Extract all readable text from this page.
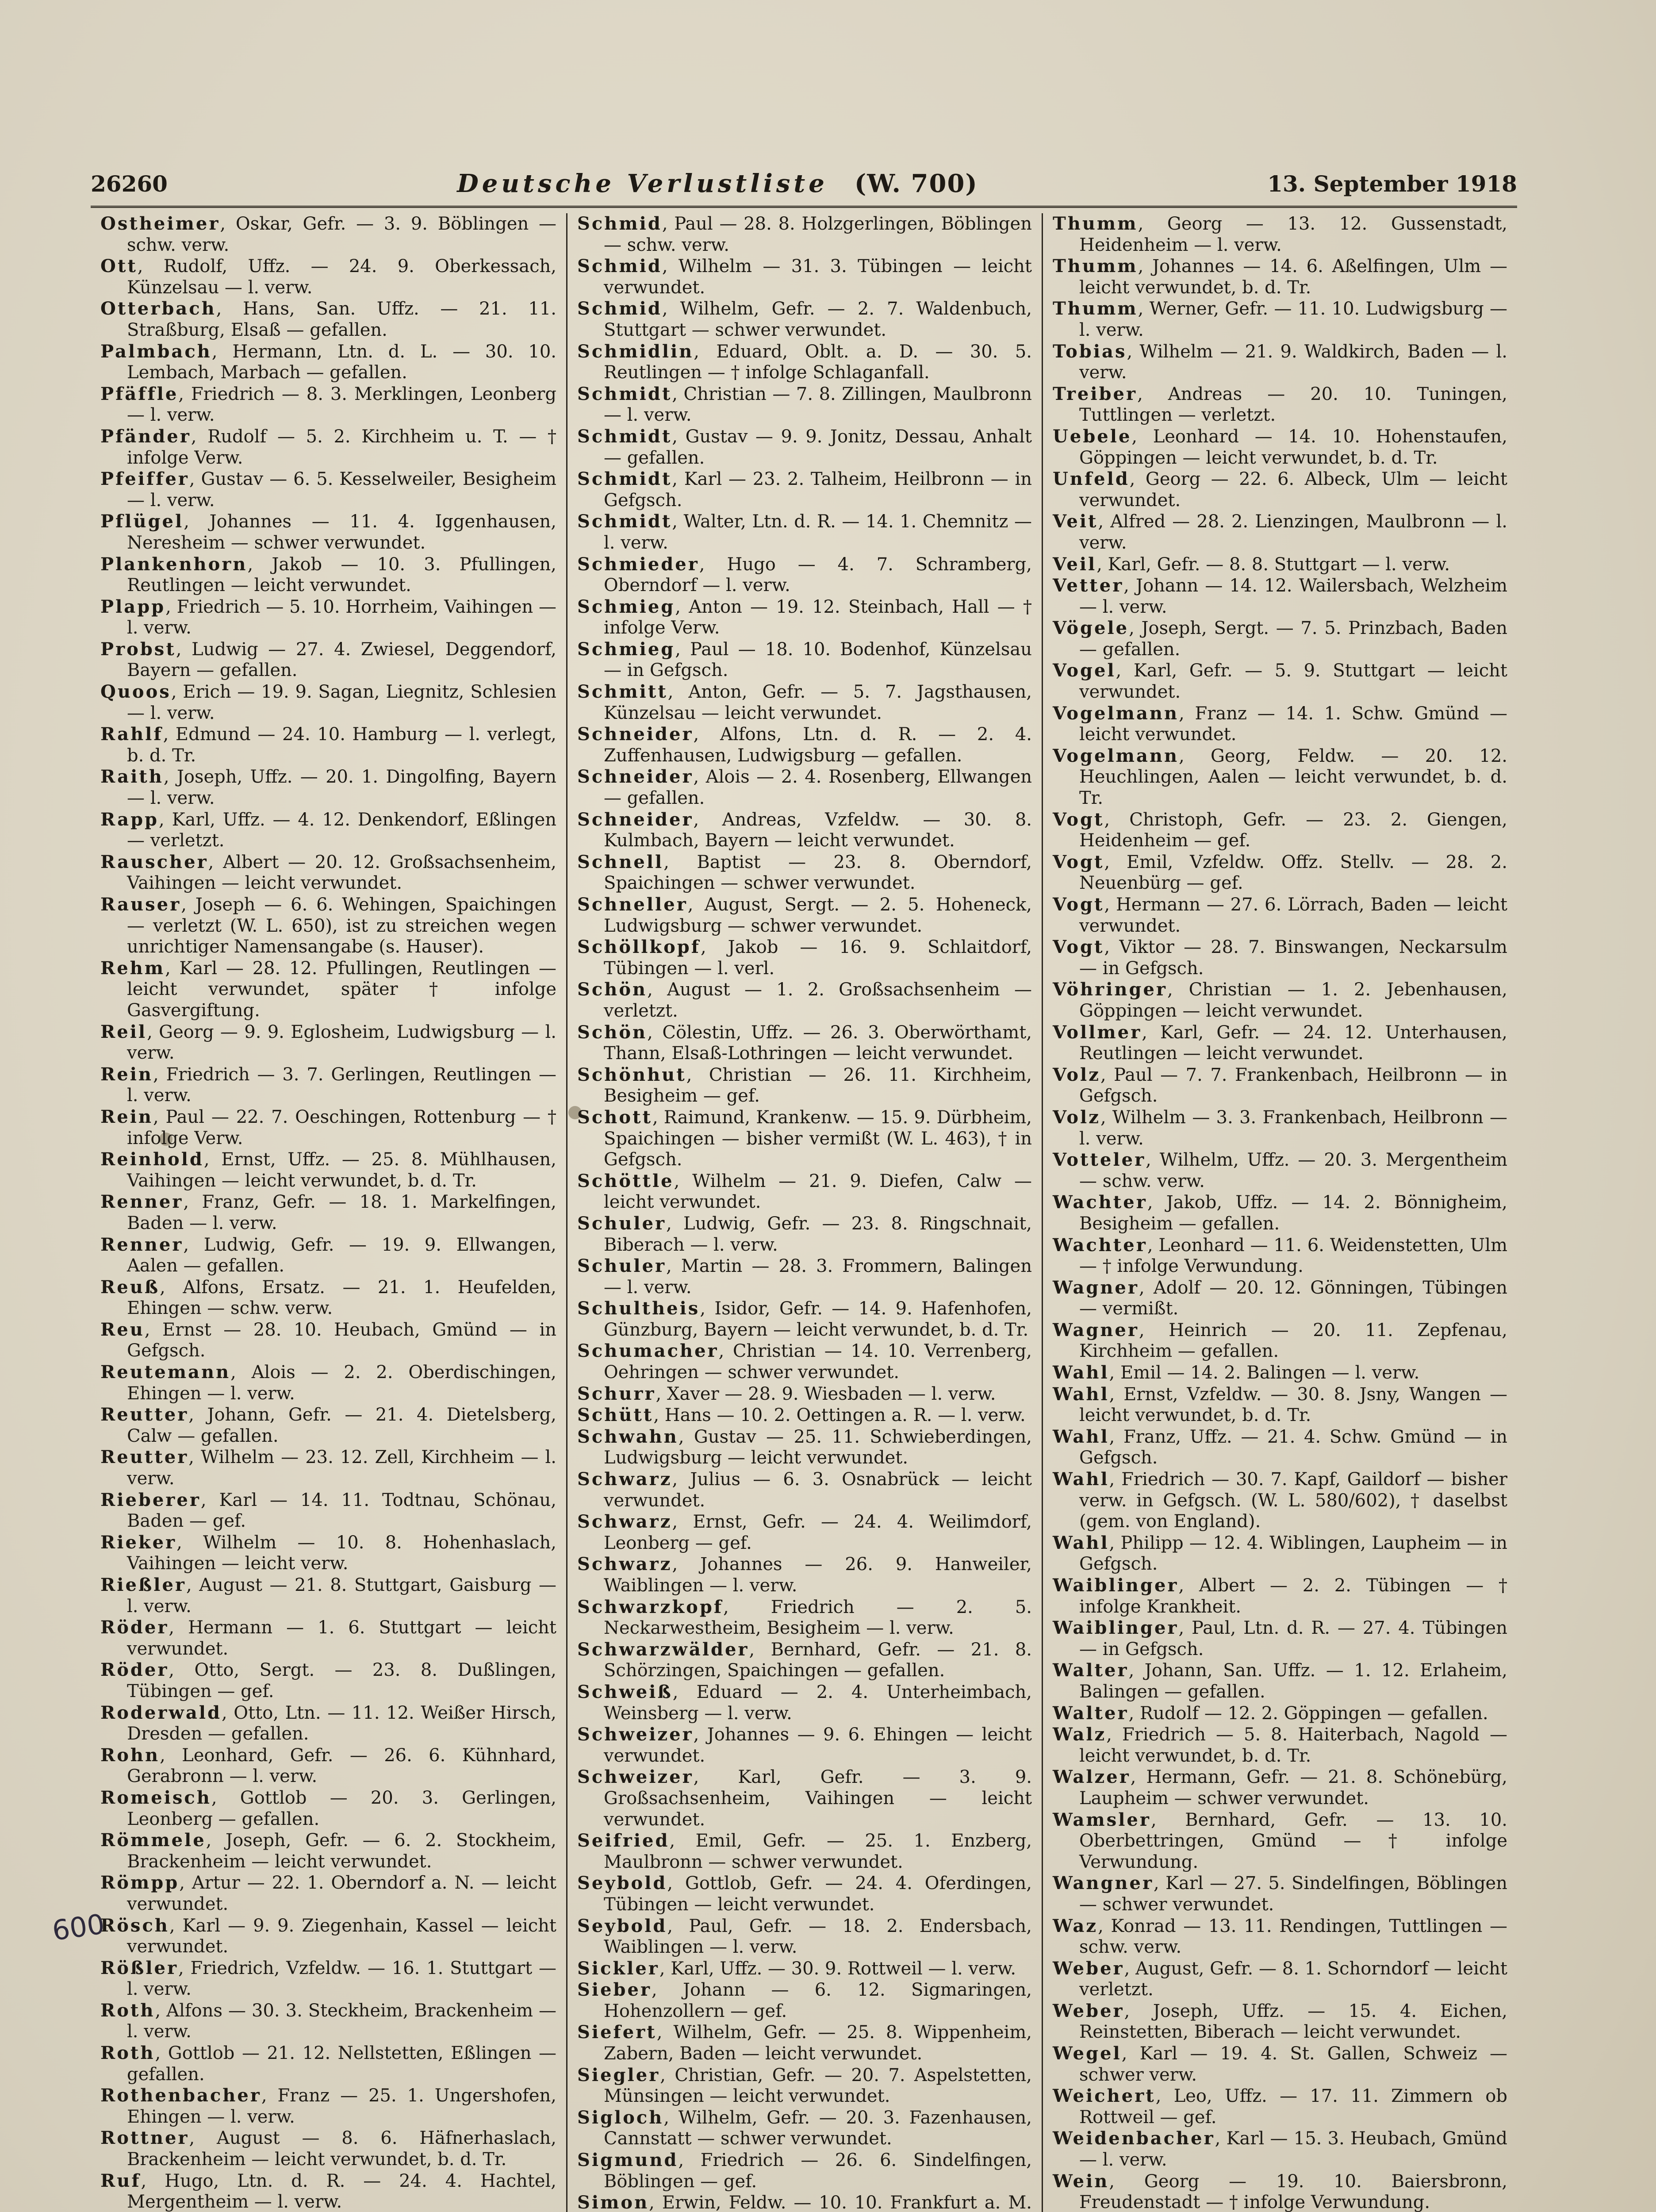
26260	Deutsche Verlustliste (W. 700)	13. September 1918

Ostheimer, Oskar, Gefr. — 3. 9. Böblingen — schw. verw.

Ott, Rudolf, Uffz. — 24. 9. Oberkessach, Künzelsau — l. verw.

Otterbach, Hans, San. Uffz. — 21. 11. Straßburg, Elsaß — gefallen.

Palmbach, Hermann, Ltn. d. L. — 30. 10. Lembach, Marbach — gefallen.

Pfäffle, Friedrich — 8. 3. Merklingen, Leonberg — l. verw.

Pfänder, Rudolf — 5. 2. Kirchheim u. T. — † infolge Verw.

Pfeiffer, Gustav — 6. 5. Kesselweiler, Besigheim — l. verw.

Pflügel, Johannes — 11. 4. Iggenhausen, Neresheim — schwer verwundet.

Plankenhorn, Jakob — 10. 3. Pfullingen, Reutlingen — leicht verwundet.

Plapp, Friedrich — 5. 10. Horrheim, Vaihingen — l. verw.

Probst, Ludwig — 27. 4. Zwiesel, Deggendorf, Bayern — gefallen.

Quoos, Erich — 19. 9. Sagan, Liegnitz, Schlesien — l. verw.

Rahlf, Edmund — 24. 10. Hamburg — l. verlegt, b. d. Tr.

Raith, Joseph, Uffz. — 20. 1. Dingolfing, Bayern — l. verw.

Rapp, Karl, Uffz. — 4. 12. Denkendorf, Eßlingen — verletzt.

Rauscher, Albert — 20. 12. Großsachsenheim, Vaihingen — leicht verwundet.

Rauser, Joseph — 6. 6. Wehingen, Spaichingen — verletzt (W. L. 650), ist zu streichen wegen unrichtiger Namensangabe (s. Hauser).

Rehm, Karl — 28. 12. Pfullingen, Reutlingen — leicht verwundet, später † infolge Gasvergiftung.

Reil, Georg — 9. 9. Eglosheim, Ludwigsburg — l. verw.

Rein, Friedrich — 3. 7. Gerlingen, Reutlingen — l. verw.

Rein, Paul — 22. 7. Oeschingen, Rottenburg — † infolge Verw.

Reinhold, Ernst, Uffz. — 25. 8. Mühlhausen, Vaihingen — leicht verwundet, b. d. Tr.

Renner, Franz, Gefr. — 18. 1. Markelfingen, Baden — l. verw.

Renner, Ludwig, Gefr. — 19. 9. Ellwangen, Aalen — gefallen.

Reuß, Alfons, Ersatz. — 21. 1. Heufelden, Ehingen — schw. verw.

Reu, Ernst — 28. 10. Heubach, Gmünd — in Gefgsch.

Reutemann, Alois — 2. 2. Oberdischingen, Ehingen — l. verw.

Reutter, Johann, Gefr. — 21. 4. Dietelsberg, Calw — gefallen.

Reutter, Wilhelm — 23. 12. Zell, Kirchheim — l. verw.

Rieberer, Karl — 14. 11. Todtnau, Schönau, Baden — gef.

Rieker, Wilhelm — 10. 8. Hohenhaslach, Vaihingen — leicht verw.

Rießler, August — 21. 8. Stuttgart, Gaisburg — l. verw.

Röder, Hermann — 1. 6. Stuttgart — leicht verwundet.

Röder, Otto, Sergt. — 23. 8. Dußlingen, Tübingen — gef.

Roderwald, Otto, Ltn. — 11. 12. Weißer Hirsch, Dresden — gefallen.

Rohn, Leonhard, Gefr. — 26. 6. Kühnhard, Gerabronn — l. verw.

Romeisch, Gottlob — 20. 3. Gerlingen, Leonberg — gefallen.

Römmele, Joseph, Gefr. — 6. 2. Stockheim, Brackenheim — leicht verwundet.

Römpp, Artur — 22. 1. Oberndorf a. N. — leicht verwundet.

Rösch, Karl — 9. 9. Ziegenhain, Kassel — leicht verwundet.

Rößler, Friedrich, Vzfeldw. — 16. 1. Stuttgart — l. verw.

Roth, Alfons — 30. 3. Steckheim, Brackenheim — l. verw.

Roth, Gottlob — 21. 12. Nellstetten, Eßlingen — gefallen.

Rothenbacher, Franz — 25. 1. Ungershofen, Ehingen — l. verw.

Rottner, August — 8. 6. Häfnerhaslach, Brackenheim — leicht verwundet, b. d. Tr.

Ruf, Hugo, Ltn. d. R. — 24. 4. Hachtel, Mergentheim — l. verw.

Schmid, Paul — 28. 8. Holzgerlingen, Böblingen — schw. verw.

Schmid, Wilhelm — 31. 3. Tübingen — leicht verwundet.

Schmid, Wilhelm, Gefr. — 2. 7. Waldenbuch, Stuttgart — schwer verwundet.

Schmidlin, Eduard, Oblt. a. D. — 30. 5. Reutlingen — † infolge Schlaganfall.

Schmidt, Christian — 7. 8. Zillingen, Maulbronn — l. verw.

Schmidt, Gustav — 9. 9. Jonitz, Dessau, Anhalt — gefallen.

Schmidt, Karl — 23. 2. Talheim, Heilbronn — in Gefgsch.

Schmidt, Walter, Ltn. d. R. — 14. 1. Chemnitz — l. verw.

Schmieder, Hugo — 4. 7. Schramberg, Oberndorf — l. verw.

Schmieg, Anton — 19. 12. Steinbach, Hall — † infolge Verw.

Schmieg, Paul — 18. 10. Bodenhof, Künzelsau — in Gefgsch.

Schmitt, Anton, Gefr. — 5. 7. Jagsthausen, Künzelsau — leicht verwundet.

Schneider, Alfons, Ltn. d. R. — 2. 4. Zuffenhausen, Ludwigsburg — gefallen.

Schneider, Alois — 2. 4. Rosenberg, Ellwangen — gefallen.

Schneider, Andreas, Vzfeldw. — 30. 8. Kulmbach, Bayern — leicht verwundet.

Schnell, Baptist — 23. 8. Oberndorf, Spaichingen — schwer verwundet.

Schneller, August, Sergt. — 2. 5. Hoheneck, Ludwigsburg — schwer verwundet.

Schöllkopf, Jakob — 16. 9. Schlaitdorf, Tübingen — l. verl.

Schön, August — 1. 2. Großsachsenheim — verletzt.

Schön, Cölestin, Uffz. — 26. 3. Oberwörthamt, Thann, Elsaß-Lothringen — leicht verwundet.

Schönhut, Christian — 26. 11. Kirchheim, Besigheim — gef.

Schott, Raimund, Krankenw. — 15. 9. Dürbheim, Spaichingen — bisher vermißt (W. L. 463), † in Gefgsch.

Schöttle, Wilhelm — 21. 9. Diefen, Calw — leicht verwundet.

Schuler, Ludwig, Gefr. — 23. 8. Ringschnait, Biberach — l. verw.

Schuler, Martin — 28. 3. Frommern, Balingen — l. verw.

Schultheis, Isidor, Gefr. — 14. 9. Hafenhofen, Günzburg, Bayern — leicht verwundet, b. d. Tr.

Schumacher, Christian — 14. 10. Verrenberg, Oehringen — schwer verwundet.

Schurr, Xaver — 28. 9. Wiesbaden — l. verw.

Schütt, Hans — 10. 2. Oettingen a. R. — l. verw.

Schwahn, Gustav — 25. 11. Schwieberdingen, Ludwigsburg — leicht verwundet.

Schwarz, Julius — 6. 3. Osnabrück — leicht verwundet.

Schwarz, Ernst, Gefr. — 24. 4. Weilimdorf, Leonberg — gef.

Schwarz, Johannes — 26. 9. Hanweiler, Waiblingen — l. verw.

Schwarzkopf, Friedrich — 2. 5. Neckarwestheim, Besigheim — l. verw.

Schwarzwälder, Bernhard, Gefr. — 21. 8. Schörzingen, Spaichingen — gefallen.

Schweiß, Eduard — 2. 4. Unterheimbach, Weinsberg — l. verw.

Schweizer, Johannes — 9. 6. Ehingen — leicht verwundet.

Schweizer, Karl, Gefr. — 3. 9. Großsachsenheim, Vaihingen — leicht verwundet.

Seifried, Emil, Gefr. — 25. 1. Enzberg, Maulbronn — schwer verwundet.

Seybold, Gottlob, Gefr. — 24. 4. Oferdingen, Tübingen — leicht verwundet.

Seybold, Paul, Gefr. — 18. 2. Endersbach, Waiblingen — l. verw.

Sickler, Karl, Uffz. — 30. 9. Rottweil — l. verw.

Sieber, Johann — 6. 12. Sigmaringen, Hohenzollern — gef.

Siefert, Wilhelm, Gefr. — 25. 8. Wippenheim, Zabern, Baden — leicht verwundet.

Siegler, Christian, Gefr. — 20. 7. Aspelstetten, Münsingen — leicht verwundet.

Sigloch, Wilhelm, Gefr. — 20. 3. Fazenhausen, Cannstatt — schwer verwundet.

Sigmund, Friedrich — 26. 6. Sindelfingen, Böblingen — gef.

Simon, Erwin, Feldw. — 10. 10. Frankfurt a. M.

Thumm, Georg — 13. 12. Gussenstadt, Heidenheim — l. verw.

Thumm, Johannes — 14. 6. Aßelfingen, Ulm — leicht verwundet, b. d. Tr.

Thumm, Werner, Gefr. — 11. 10. Ludwigsburg — l. verw.

Tobias, Wilhelm — 21. 9. Waldkirch, Baden — l. verw.

Treiber, Andreas — 20. 10. Tuningen, Tuttlingen — verletzt.

Uebele, Leonhard — 14. 10. Hohenstaufen, Göppingen — leicht verwundet, b. d. Tr.

Unfeld, Georg — 22. 6. Albeck, Ulm — leicht verwundet.

Veit, Alfred — 28. 2. Lienzingen, Maulbronn — l. verw.

Veil, Karl, Gefr. — 8. 8. Stuttgart — l. verw.

Vetter, Johann — 14. 12. Wailersbach, Welzheim — l. verw.

Vögele, Joseph, Sergt. — 7. 5. Prinzbach, Baden — gefallen.

Vogel, Karl, Gefr. — 5. 9. Stuttgart — leicht verwundet.

Vogelmann, Franz — 14. 1. Schw. Gmünd — leicht verwundet.

Vogelmann, Georg, Feldw. — 20. 12. Heuchlingen, Aalen — leicht verwundet, b. d. Tr.

Vogt, Christoph, Gefr. — 23. 2. Giengen, Heidenheim — gef.

Vogt, Emil, Vzfeldw. Offz. Stellv. — 28. 2. Neuenbürg — gef.

Vogt, Hermann — 27. 6. Lörrach, Baden — leicht verwundet.

Vogt, Viktor — 28. 7. Binswangen, Neckarsulm — in Gefgsch.

Vöhringer, Christian — 1. 2. Jebenhausen, Göppingen — leicht verwundet.

Vollmer, Karl, Gefr. — 24. 12. Unterhausen, Reutlingen — leicht verwundet.

Volz, Paul — 7. 7. Frankenbach, Heilbronn — in Gefgsch.

Volz, Wilhelm — 3. 3. Frankenbach, Heilbronn — l. verw.

Votteler, Wilhelm, Uffz. — 20. 3. Mergentheim — schw. verw.

Wachter, Jakob, Uffz. — 14. 2. Bönnigheim, Besigheim — gefallen.

Wachter, Leonhard — 11. 6. Weidenstetten, Ulm — † infolge Verwundung.

Wagner, Adolf — 20. 12. Gönningen, Tübingen — vermißt.

Wagner, Heinrich — 20. 11. Zepfenau, Kirchheim — gefallen.

Wahl, Emil — 14. 2. Balingen — l. verw.

Wahl, Ernst, Vzfeldw. — 30. 8. Jsny, Wangen — leicht verwundet, b. d. Tr.

Wahl, Franz, Uffz. — 21. 4. Schw. Gmünd — in Gefgsch.

Wahl, Friedrich — 30. 7. Kapf, Gaildorf — bisher verw. in Gefgsch. (W. L. 580/602), † daselbst (gem. von England).

Wahl, Philipp — 12. 4. Wiblingen, Laupheim — in Gefgsch.

Waiblinger, Albert — 2. 2. Tübingen — † infolge Krankheit.

Waiblinger, Paul, Ltn. d. R. — 27. 4. Tübingen — in Gefgsch.

Walter, Johann, San. Uffz. — 1. 12. Erlaheim, Balingen — gefallen.

Walter, Rudolf — 12. 2. Göppingen — gefallen.

Walz, Friedrich — 5. 8. Haiterbach, Nagold — leicht verwundet, b. d. Tr.

Walzer, Hermann, Gefr. — 21. 8. Schönebürg, Laupheim — schwer verwundet.

Wamsler, Bernhard, Gefr. — 13. 10. Oberbettringen, Gmünd — † infolge Verwundung.

Wangner, Karl — 27. 5. Sindelfingen, Böblingen — schwer verwundet.

Waz, Konrad — 13. 11. Rendingen, Tuttlingen — schw. verw.

Weber, August, Gefr. — 8. 1. Schorndorf — leicht verletzt.

Weber, Joseph, Uffz. — 15. 4. Eichen, Reinstetten, Biberach — leicht verwundet.

Wegel, Karl — 19. 4. St. Gallen, Schweiz — schwer verw.

Weichert, Leo, Uffz. — 17. 11. Zimmern ob Rottweil — gef.

Weidenbacher, Karl — 15. 3. Heubach, Gmünd — l. verw.

Wein, Georg — 19. 10. Baiersbronn, Freudenstadt — † infolge Verwundung.

600
